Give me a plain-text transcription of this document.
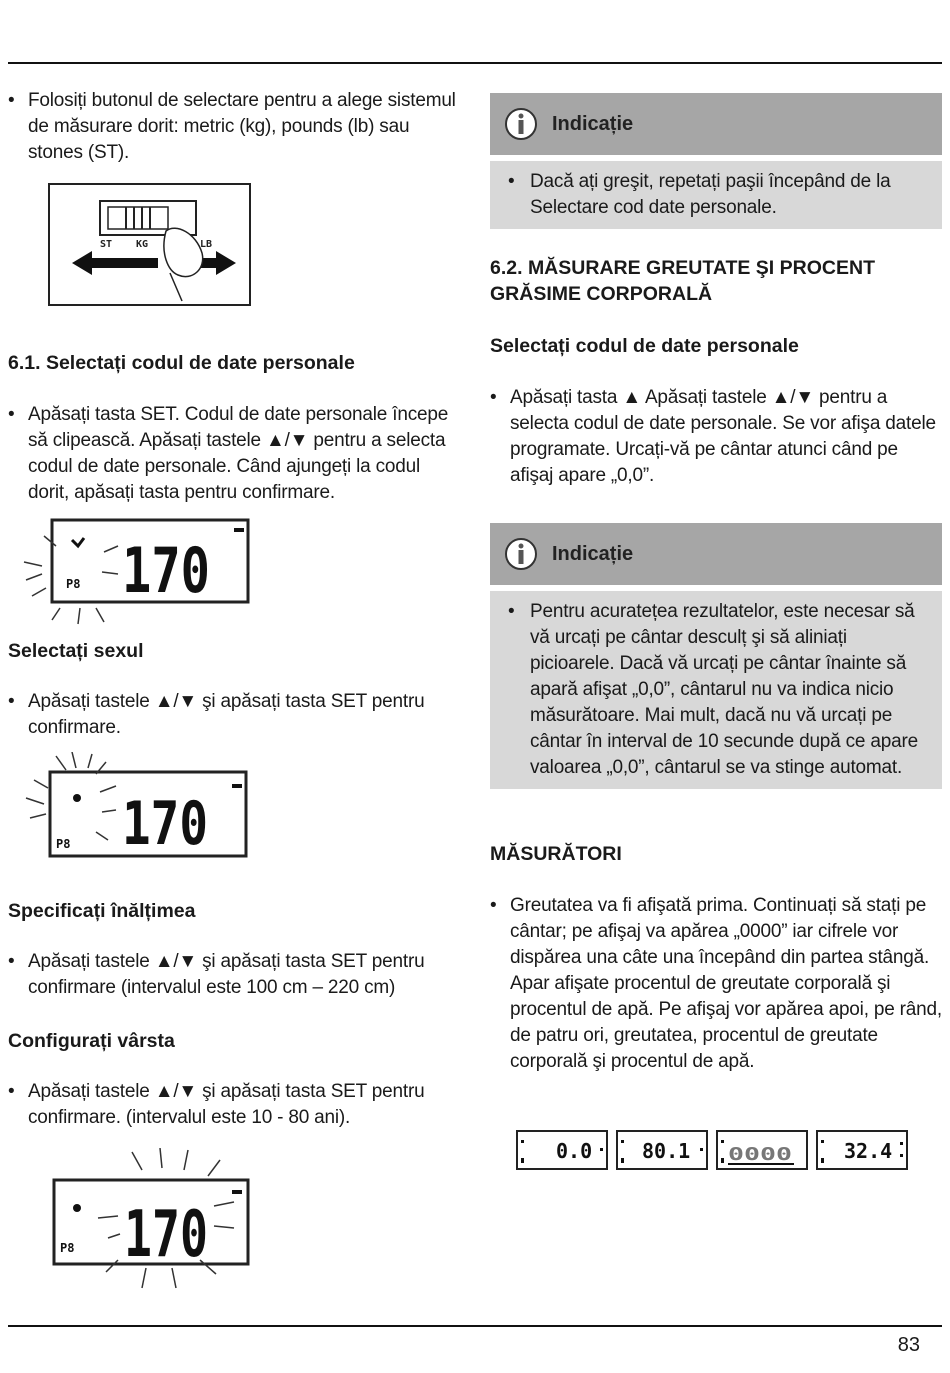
• Folosiți butonul de selectare pentru a alege sistemul de măsurare dorit: metric (kg), pounds (lb) sau stones (ST).
ST KG	LB
6.1. Selectați codul de date personale
• Apăsați tasta SET. Codul de date personale începe să clipească. Apăsați tastele ▲/▼ pentru a selecta codul de date personale. Când ajungeți la codul dorit, apăsați tasta pentru confirmare.
P8 170
Selectați sexul
• Apăsați tastele ▲/▼ şi apăsați tasta SET pentru confirmare.
P8 170
Specificați înălțimea
• Apăsați tastele ▲/▼ şi apăsați tasta SET pentru confirmare (intervalul este 100 cm – 220 cm)
Configurați vârsta
• Apăsați tastele ▲/▼ şi apăsați tasta SET pentru confirmare. (intervalul este 10 - 80 ani).
P8 170
Indicație
• Dacă ați greşit, repetați paşii începând de la Selectare cod date personale.
6.2. MĂSURARE GREUTATE ŞI PROCENT GRĂSIME CORPORALĂ
Selectați codul de date personale
• Apăsați tasta ▲ Apăsați tastele ▲/▼ pentru a selecta codul de date personale. Se vor afişa datele programate. Urcați-vă pe cântar atunci când pe afişaj apare „0,0”.
Indicație
• Pentru acuratețea rezultatelor, este necesar să vă urcați pe cântar desculț şi să aliniați picioarele. Dacă vă urcați pe cântar înainte să apară afişat „0,0”, cântarul nu va indica nicio măsurătoare. Mai mult, dacă nu vă urcați pe cântar în interval de 10 secunde după ce apare valoarea „0,0”, cântarul se va stinge automat.
MĂSURĂTORI
• Greutatea va fi afişată prima. Continuați să stați pe cântar; pe afişaj va apărea „0000” iar cifrele vor dispărea una câte una începând din partea stângă. Apar afişate procentul de greutate corporală şi procentul de apă. Pe afişaj vor apărea apoi, pe rând, de patru ori, greutatea, procentul de greutate corporală şi procentul de apă.
0.0 80.1 0000	32.4
83
